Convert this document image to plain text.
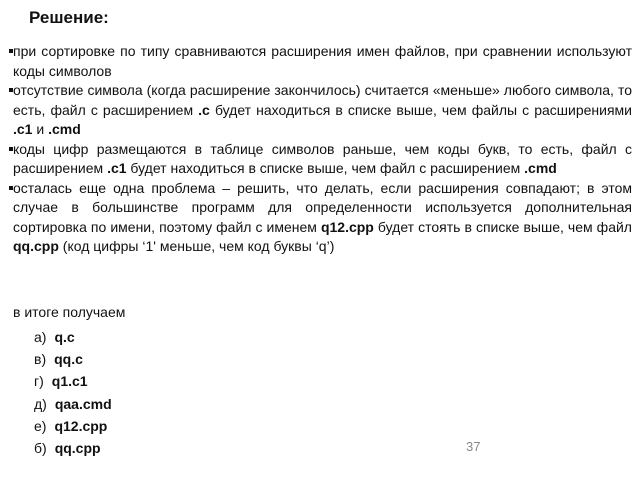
Решение:
при сортировке по типу сравниваются расширения имен файлов, при сравнении используют коды символов
отсутствие символа (когда расширение закончилось) считается «меньше» любого символа, то есть, файл с расширением .c будет находиться в списке выше, чем файлы с расширениями .c1 и .cmd
коды цифр размещаются в таблице символов раньше, чем коды букв, то есть, файл с расширением .c1 будет находиться в списке выше, чем файл с расширением .cmd
осталась еще одна проблема – решить, что делать, если расширения совпадают; в этом случае в большинстве программ для определенности используется дополнительная сортировка по имени, поэтому файл с именем q12.cpp будет стоять в списке выше, чем файл qq.cpp (код цифры ‘1' меньше, чем код буквы ‘q’)
в итоге получаем
а) q.c
в) qq.c
г) q1.c1
д) qaa.cmd
е) q12.cpp
б) qq.cpp	37
